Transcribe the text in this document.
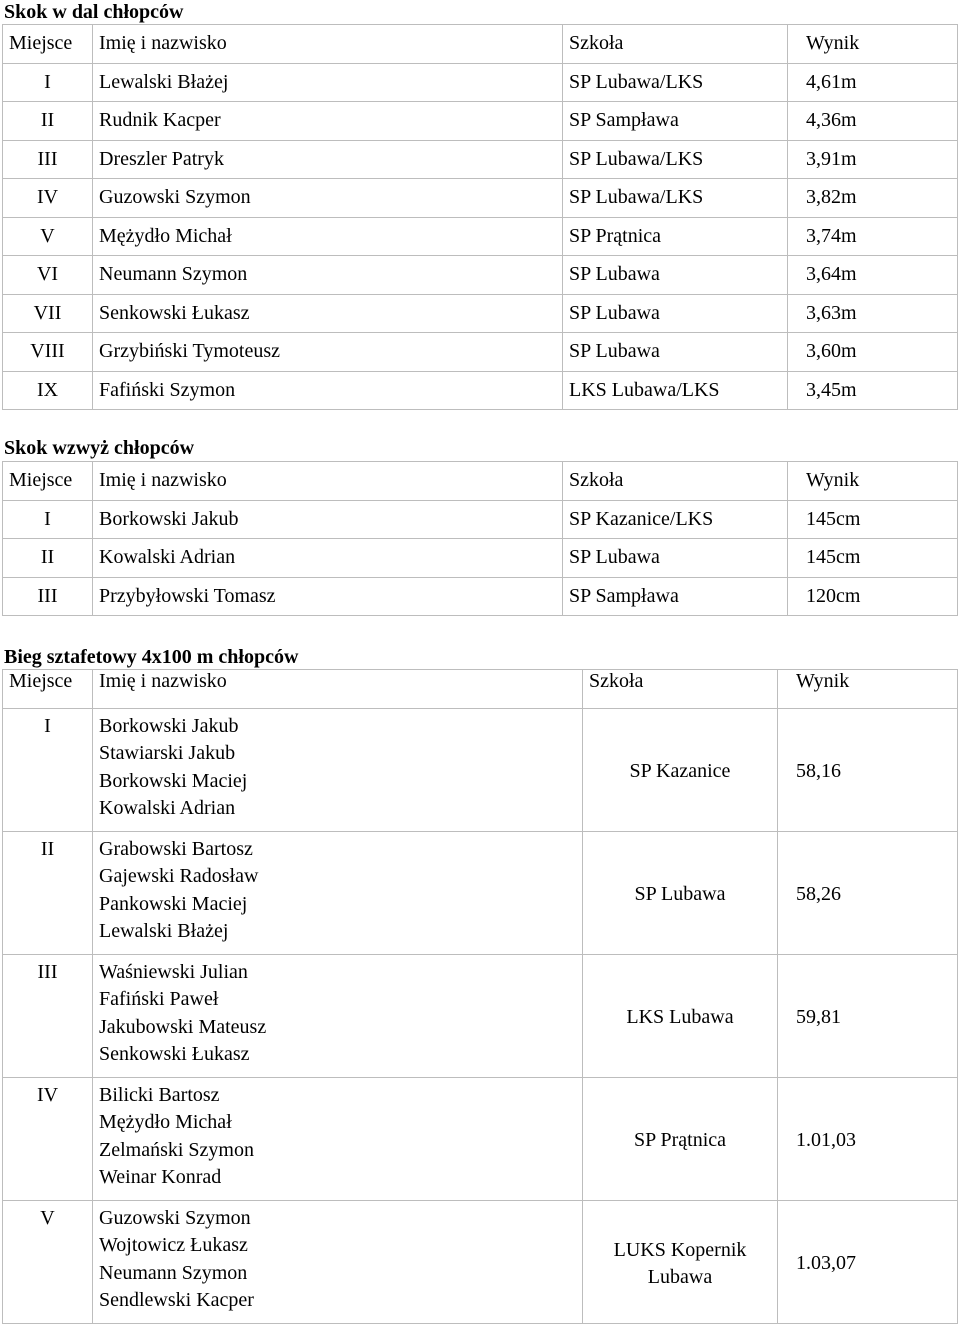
Skok w dal chłopców
Miejsce	Imię i nazwisko	Szkoła	Wynik
I	Lewalski Błażej	SP Lubawa/LKS	4,61m
II	Rudnik Kacper	SP Sampława	4,36m
III	Dreszler Patryk	SP Lubawa/LKS	3,91m
IV	Guzowski Szymon	SP Lubawa/LKS	3,82m
V	Mężydło Michał	SP Prątnica	3,74m
VI	Neumann Szymon	SP Lubawa	3,64m
VII	Senkowski Łukasz	SP Lubawa	3,63m
VIII	Grzybiński Tymoteusz	SP Lubawa	3,60m
IX	Fafiński Szymon	LKS Lubawa/LKS	3,45m
Skok wzwyż chłopców
Miejsce	Imię i nazwisko	Szkoła	Wynik
I	Borkowski Jakub	SP Kazanice/LKS	145cm
II	Kowalski Adrian	SP Lubawa	145cm
III	Przybyłowski Tomasz	SP Sampława	120cm
Bieg sztafetowy 4x100 m chłopców
Miejsce	Imię i nazwisko	Szkoła	Wynik
I	Borkowski Jakub
Stawiarski Jakub
Borkowski Maciej
Kowalski Adrian	SP Kazanice	58,16
II	Grabowski Bartosz
Gajewski Radosław
Pankowski Maciej
Lewalski Błażej	SP Lubawa	58,26
III	Waśniewski Julian
Fafiński Paweł
Jakubowski Mateusz
Senkowski Łukasz	LKS Lubawa	59,81
IV	Bilicki Bartosz
Mężydło Michał
Zelmański Szymon
Weinar Konrad	SP Prątnica	1.01,03
V	Guzowski Szymon
Wojtowicz Łukasz
Neumann Szymon
Sendlewski Kacper	LUKS Kopernik
Lubawa	1.03,07
